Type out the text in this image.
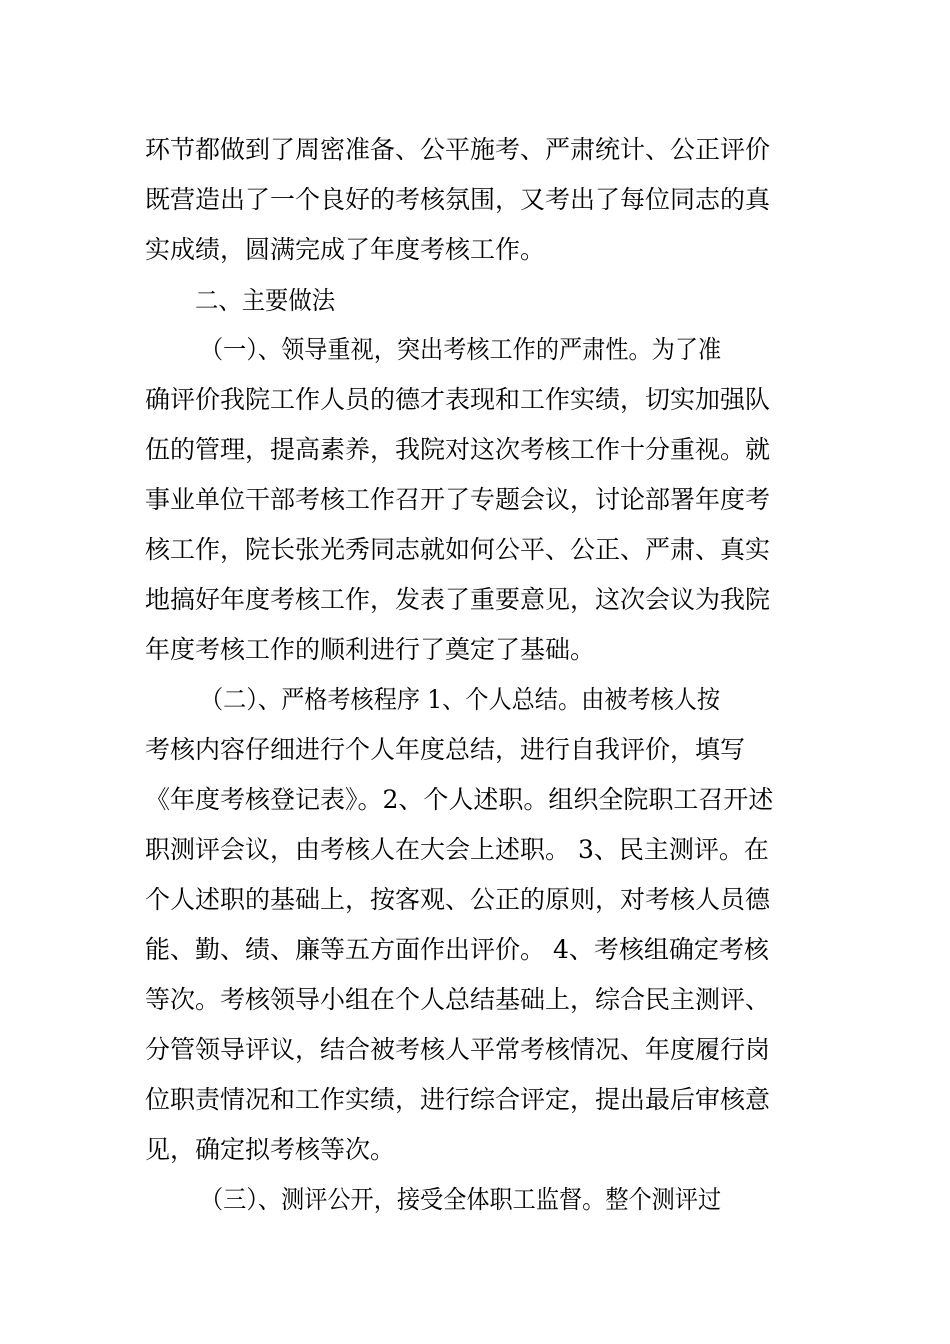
环节都做到了周密准备、公平施考、严肃统计、公正评价
既营造出了一个良好的考核氛围，又考出了每位同志的真
实成绩，圆满完成了年度考核工作。
二、主要做法
（一）、领导重视，突出考核工作的严肃性。为了准
确评价我院工作人员的德才表现和工作实绩，切实加强队
伍的管理，提高素养，我院对这次考核工作十分重视。就
事业单位干部考核工作召开了专题会议，讨论部署年度考
核工作，院长张光秀同志就如何公平、公正、严肃、真实
地搞好年度考核工作，发表了重要意见，这次会议为我院
年度考核工作的顺利进行了奠定了基础。
（二）、严格考核程序 1、个人总结。由被考核人按
考核内容仔细进行个人年度总结，进行自我评价，填写
《年度考核登记表》。2、个人述职。组织全院职工召开述
职测评会议，由考核人在大会上述职。 3、民主测评。在
个人述职的基础上，按客观、公正的原则，对考核人员德
能、勤、绩、廉等五方面作出评价。 4、考核组确定考核
等次。考核领导小组在个人总结基础上，综合民主测评、
分管领导评议，结合被考核人平常考核情况、年度履行岗
位职责情况和工作实绩，进行综合评定，提出最后审核意
见，确定拟考核等次。
（三）、测评公开，接受全体职工监督。整个测评过
